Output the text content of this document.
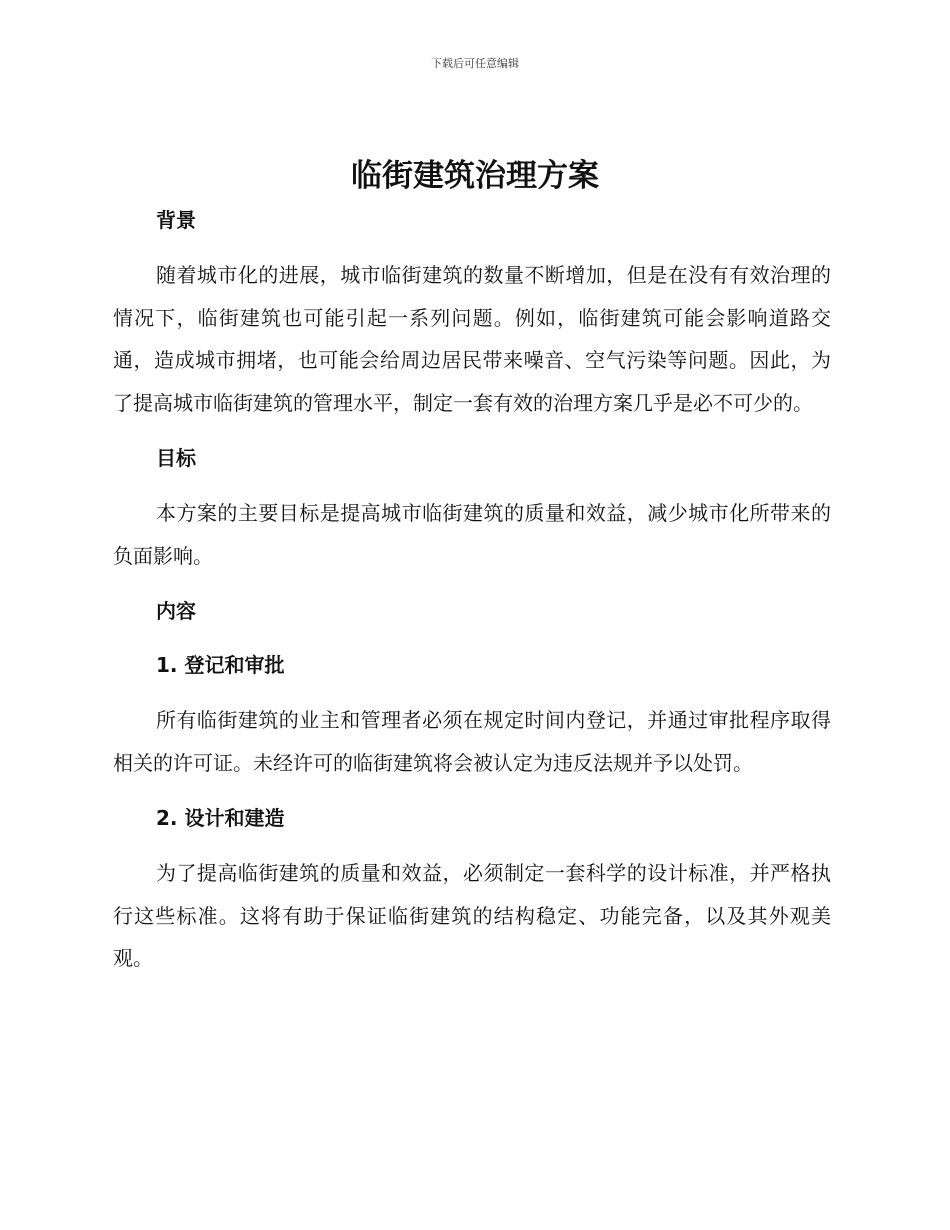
下载后可任意编辑
临街建筑治理方案
背景

随着城市化的进展，城市临街建筑的数量不断增加，但是在没有有效治理的情况下，临街建筑也可能引起一系列问题。例如，临街建筑可能会影响道路交通，造成城市拥堵，也可能会给周边居民带来噪音、空气污染等问题。因此，为了提高城市临街建筑的管理水平，制定一套有效的治理方案几乎是必不可少的。

目标

本方案的主要目标是提高城市临街建筑的质量和效益，减少城市化所带来的负面影响。

内容
1. 登记和审批

所有临街建筑的业主和管理者必须在规定时间内登记，并通过审批程序取得相关的许可证。未经许可的临街建筑将会被认定为违反法规并予以处罚。

2. 设计和建造

为了提高临街建筑的质量和效益，必须制定一套科学的设计标准，并严格执行这些标准。这将有助于保证临街建筑的结构稳定、功能完备，以及其外观美观。
